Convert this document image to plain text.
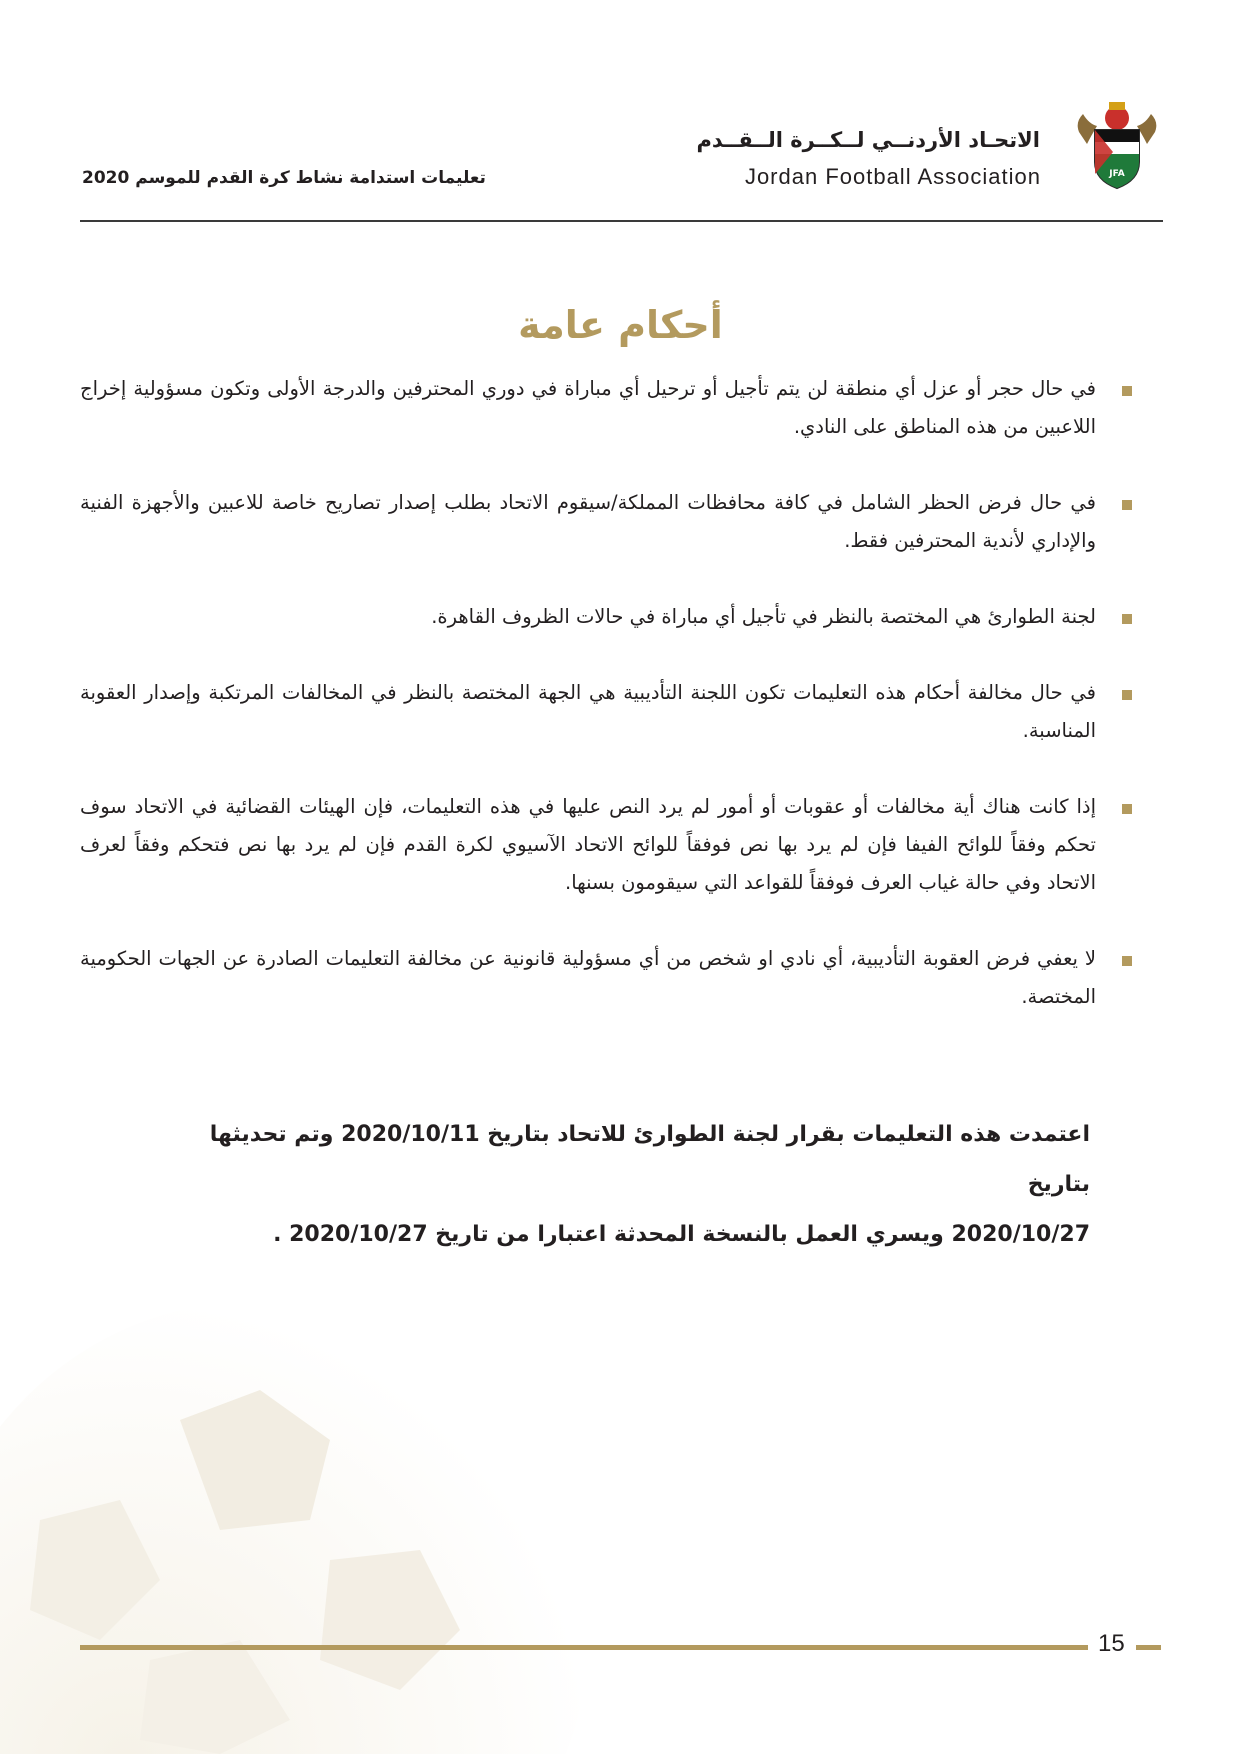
JFA
الاتحـاد الأردنــي لــكــرة الــقــدم
Jordan Football Association
تعليمات استدامة نشاط كرة القدم للموسم 2020
أحكام عامة
في حال حجر أو عزل أي منطقة لن يتم تأجيل أو ترحيل أي مباراة في دوري المحترفين والدرجة الأولى وتكون مسؤولية إخراج اللاعبين من هذه المناطق على النادي.
في حال فرض الحظر الشامل في كافة محافظات المملكة/سيقوم الاتحاد بطلب إصدار تصاريح خاصة للاعبين والأجهزة الفنية والإداري لأندية المحترفين فقط.
لجنة الطوارئ هي المختصة بالنظر في تأجيل أي مباراة في حالات الظروف القاهرة.
في حال مخالفة أحكام هذه التعليمات تكون اللجنة التأديبية هي الجهة المختصة بالنظر في المخالفات المرتكبة وإصدار العقوبة المناسبة.
إذا كانت هناك أية مخالفات أو عقوبات أو أمور لم يرد النص عليها في هذه التعليمات، فإن الهيئات القضائية في الاتحاد سوف تحكم وفقاً للوائح الفيفا فإن لم يرد بها نص فوفقاً للوائح الاتحاد الآسيوي لكرة القدم فإن لم يرد بها نص فتحكم وفقاً لعرف الاتحاد وفي حالة غياب العرف فوفقاً للقواعد التي سيقومون بسنها.
لا يعفي فرض العقوبة التأديبية، أي نادي او شخص من أي مسؤولية قانونية عن مخالفة التعليمات الصادرة عن الجهات الحكومية المختصة.
اعتمدت هذه التعليمات بقرار لجنة الطوارئ للاتحاد بتاريخ 2020/10/11 وتم تحديثها بتاريخ
2020/10/27 ويسري العمل بالنسخة المحدثة اعتبارا من تاريخ 2020/10/27 .
15
